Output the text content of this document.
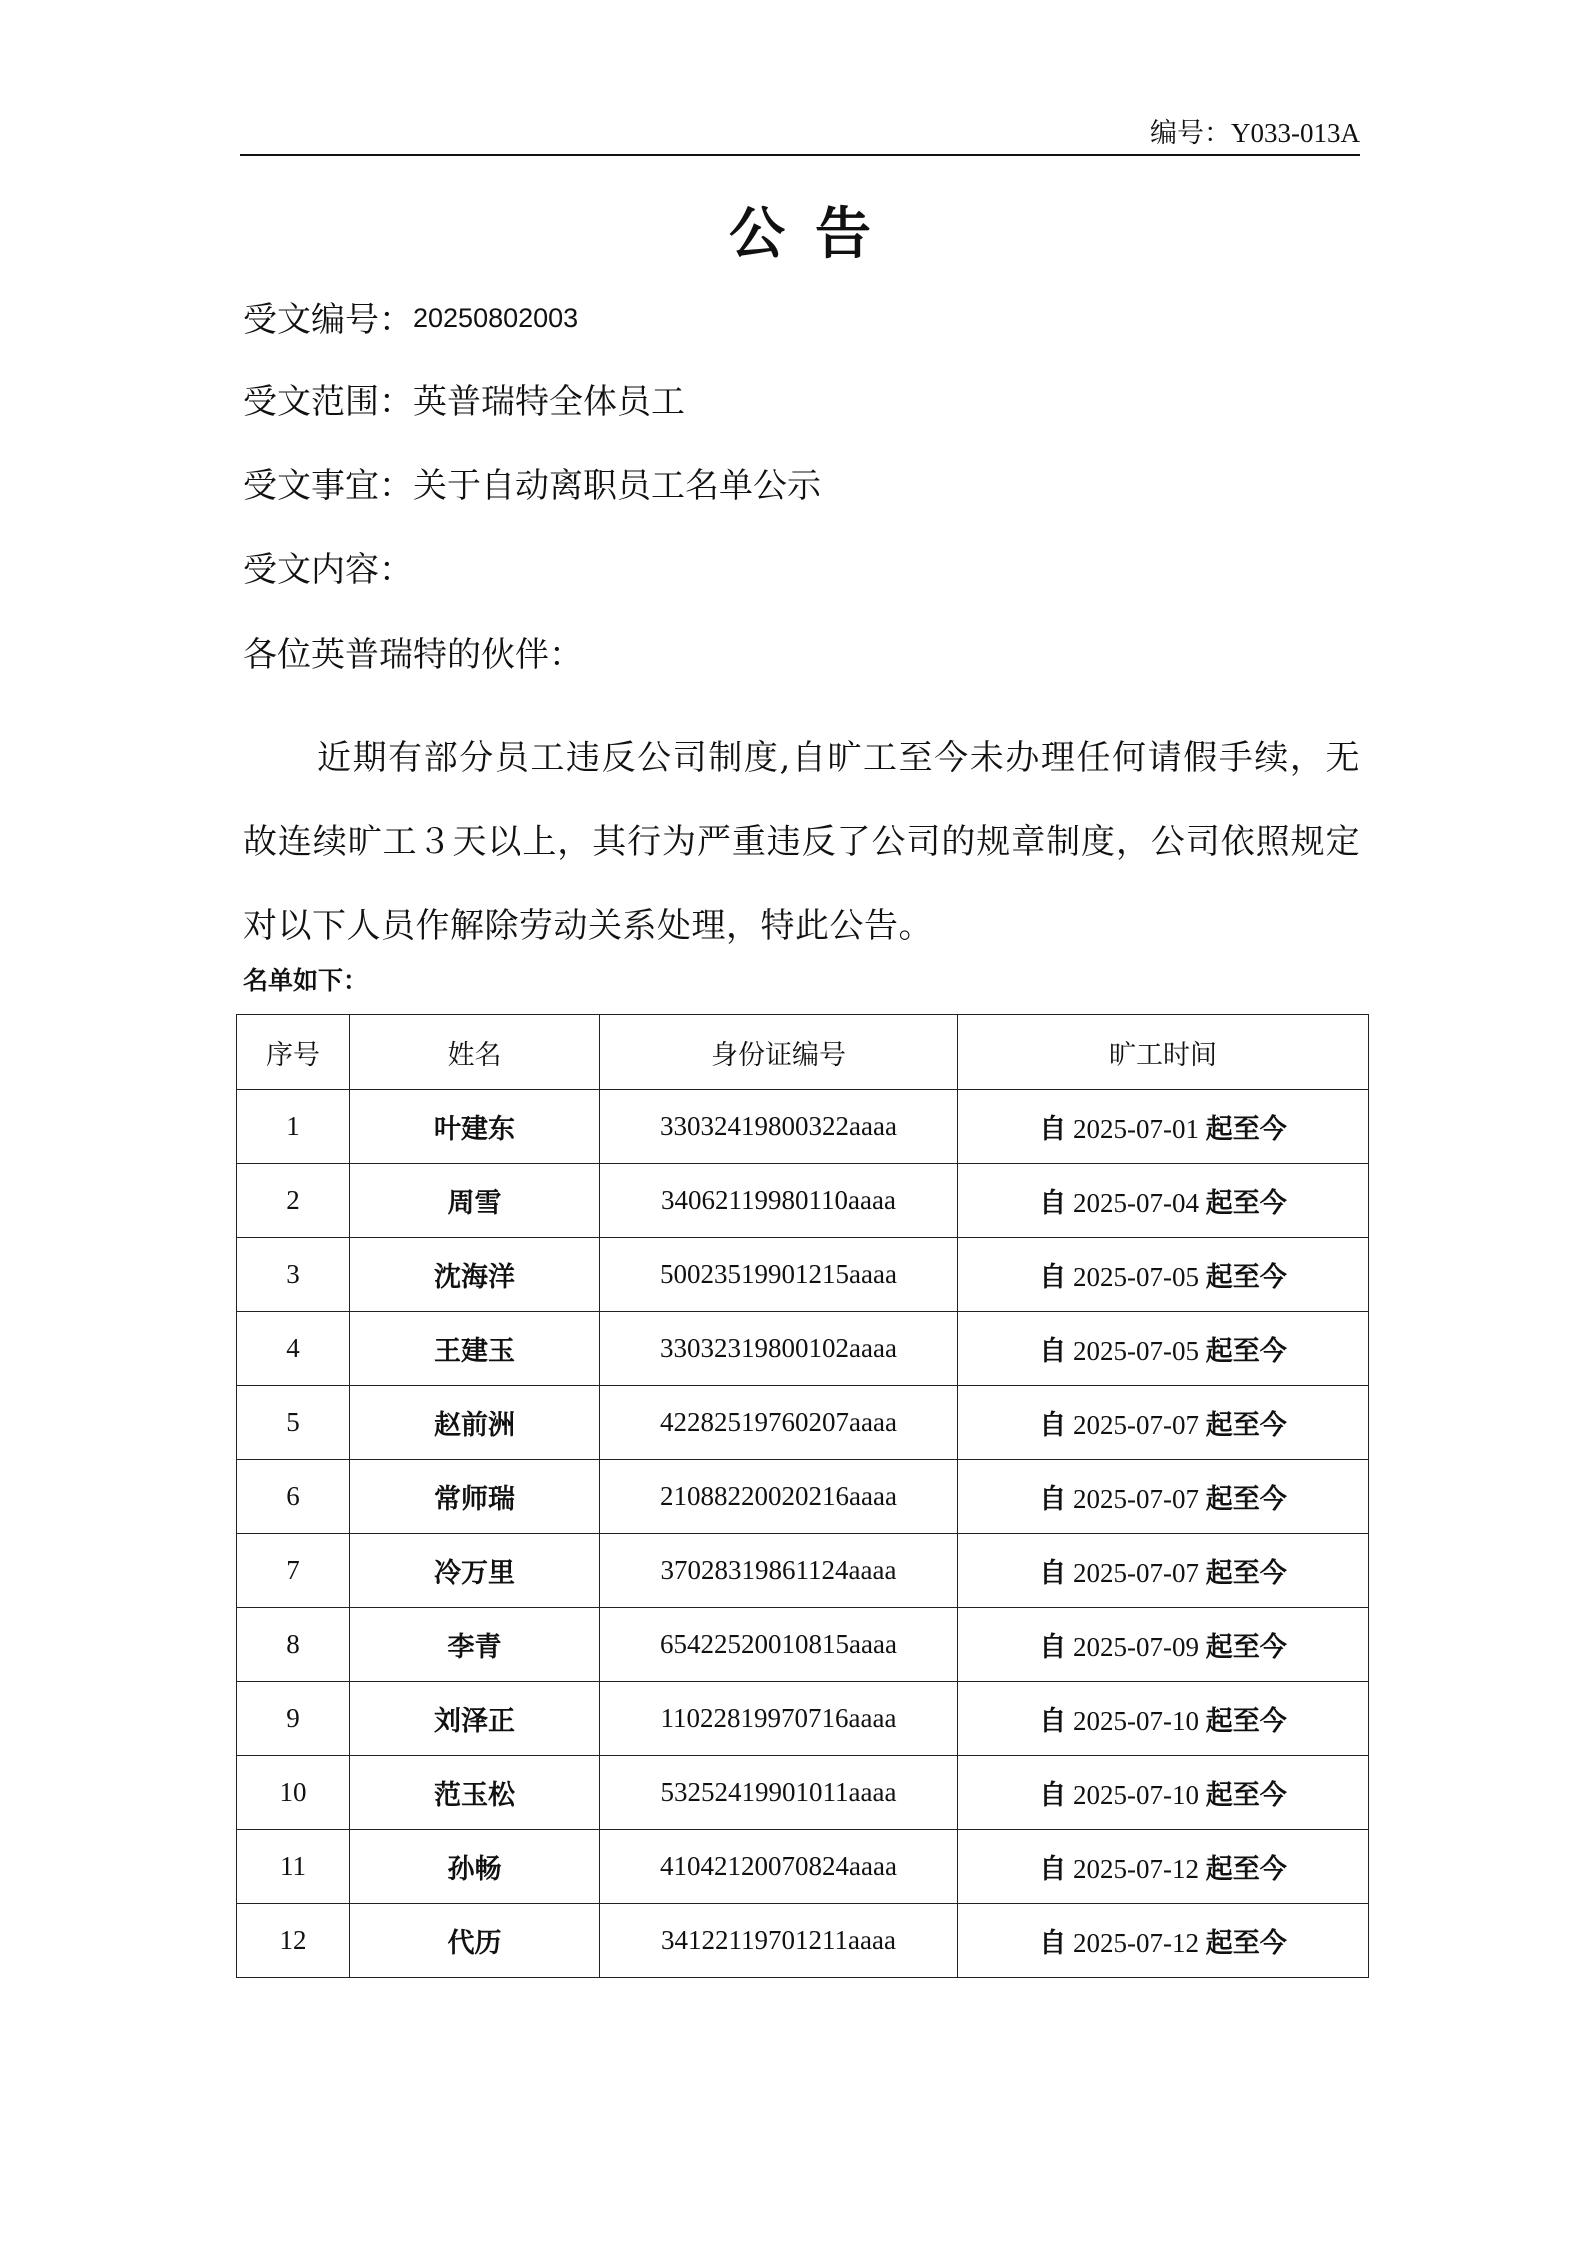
编号：Y033-013A
公告
受文编号：20250802003
受文范围：英普瑞特全体员工
受文事宜：关于自动离职员工名单公示
受文内容：
各位英普瑞特的伙伴：
近期有部分员工违反公司制度,自旷工至今未办理任何请假手续，无故连续旷工３天以上，其行为严重违反了公司的规章制度，公司依照规定对以下人员作解除劳动关系处理，特此公告。
名单如下：
序号	姓名	身份证编号	旷工时间
1	叶建东	33032419800322aaaa	自 2025-07-01 起至今
2	周雪	34062119980110aaaa	自 2025-07-04 起至今
3	沈海洋	50023519901215aaaa	自 2025-07-05 起至今
4	王建玉	33032319800102aaaa	自 2025-07-05 起至今
5	赵前洲	42282519760207aaaa	自 2025-07-07 起至今
6	常师瑞	21088220020216aaaa	自 2025-07-07 起至今
7	冷万里	37028319861124aaaa	自 2025-07-07 起至今
8	李青	65422520010815aaaa	自 2025-07-09 起至今
9	刘泽正	11022819970716aaaa	自 2025-07-10 起至今
10	范玉松	53252419901011aaaa	自 2025-07-10 起至今
11	孙畅	41042120070824aaaa	自 2025-07-12 起至今
12	代历	34122119701211aaaa	自 2025-07-12 起至今
